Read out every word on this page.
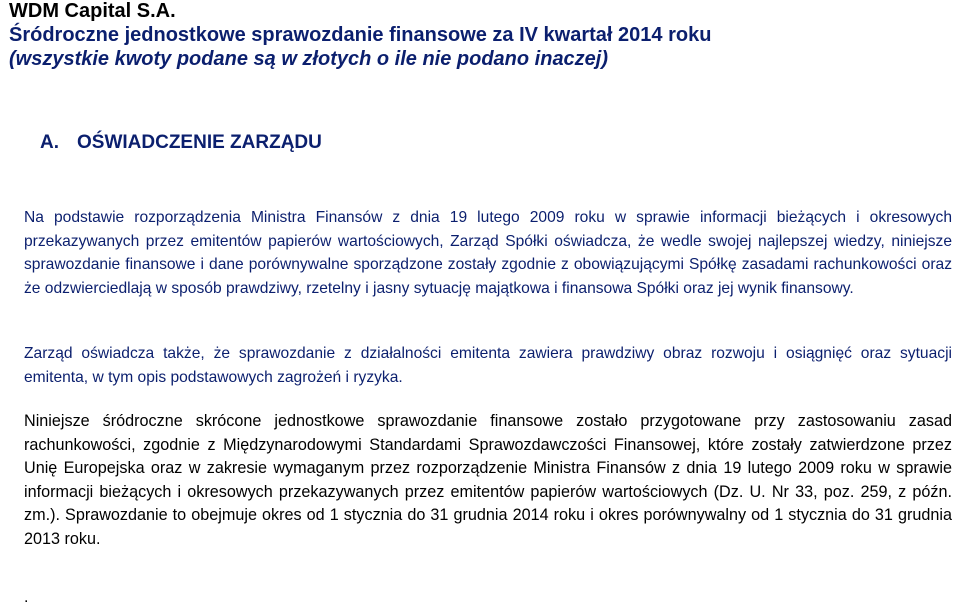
WDM Capital S.A.

Śródroczne jednostkowe sprawozdanie finansowe za IV kwartał 2014 roku

(wszystkie kwoty podane są w złotych o ile nie podano inaczej)

A. OŚWIADCZENIE ZARZĄDU

Na podstawie rozporządzenia Ministra Finansów z dnia 19 lutego 2009 roku w sprawie informacji bieżących i okresowych przekazywanych przez emitentów papierów wartościowych, Zarząd Spółki oświadcza, że wedle swojej najlepszej wiedzy, niniejsze sprawozdanie finansowe i dane porównywalne sporządzone zostały zgodnie z obowiązującymi Spółkę zasadami rachunkowości oraz że odzwierciedlają w sposób prawdziwy, rzetelny i jasny sytuację majątkowa i finansowa Spółki oraz jej wynik finansowy.

Zarząd oświadcza także, że sprawozdanie z działalności emitenta zawiera prawdziwy obraz rozwoju i osiągnięć oraz sytuacji emitenta, w tym opis podstawowych zagrożeń i ryzyka.

Niniejsze śródroczne skrócone jednostkowe sprawozdanie finansowe zostało przygotowane przy zastosowaniu zasad rachunkowości, zgodnie z Międzynarodowymi Standardami Sprawozdawczości Finansowej, które zostały zatwierdzone przez Unię Europejska oraz w zakresie wymaganym przez rozporządzenie Ministra Finansów z dnia 19 lutego 2009 roku w sprawie informacji bieżących i okresowych przekazywanych przez emitentów papierów wartościowych (Dz. U. Nr 33, poz. 259, z późn. zm.). Sprawozdanie to obejmuje okres od 1 stycznia do 31 grudnia 2014 roku i okres porównywalny od 1 stycznia do 31 grudnia 2013 roku.

.
